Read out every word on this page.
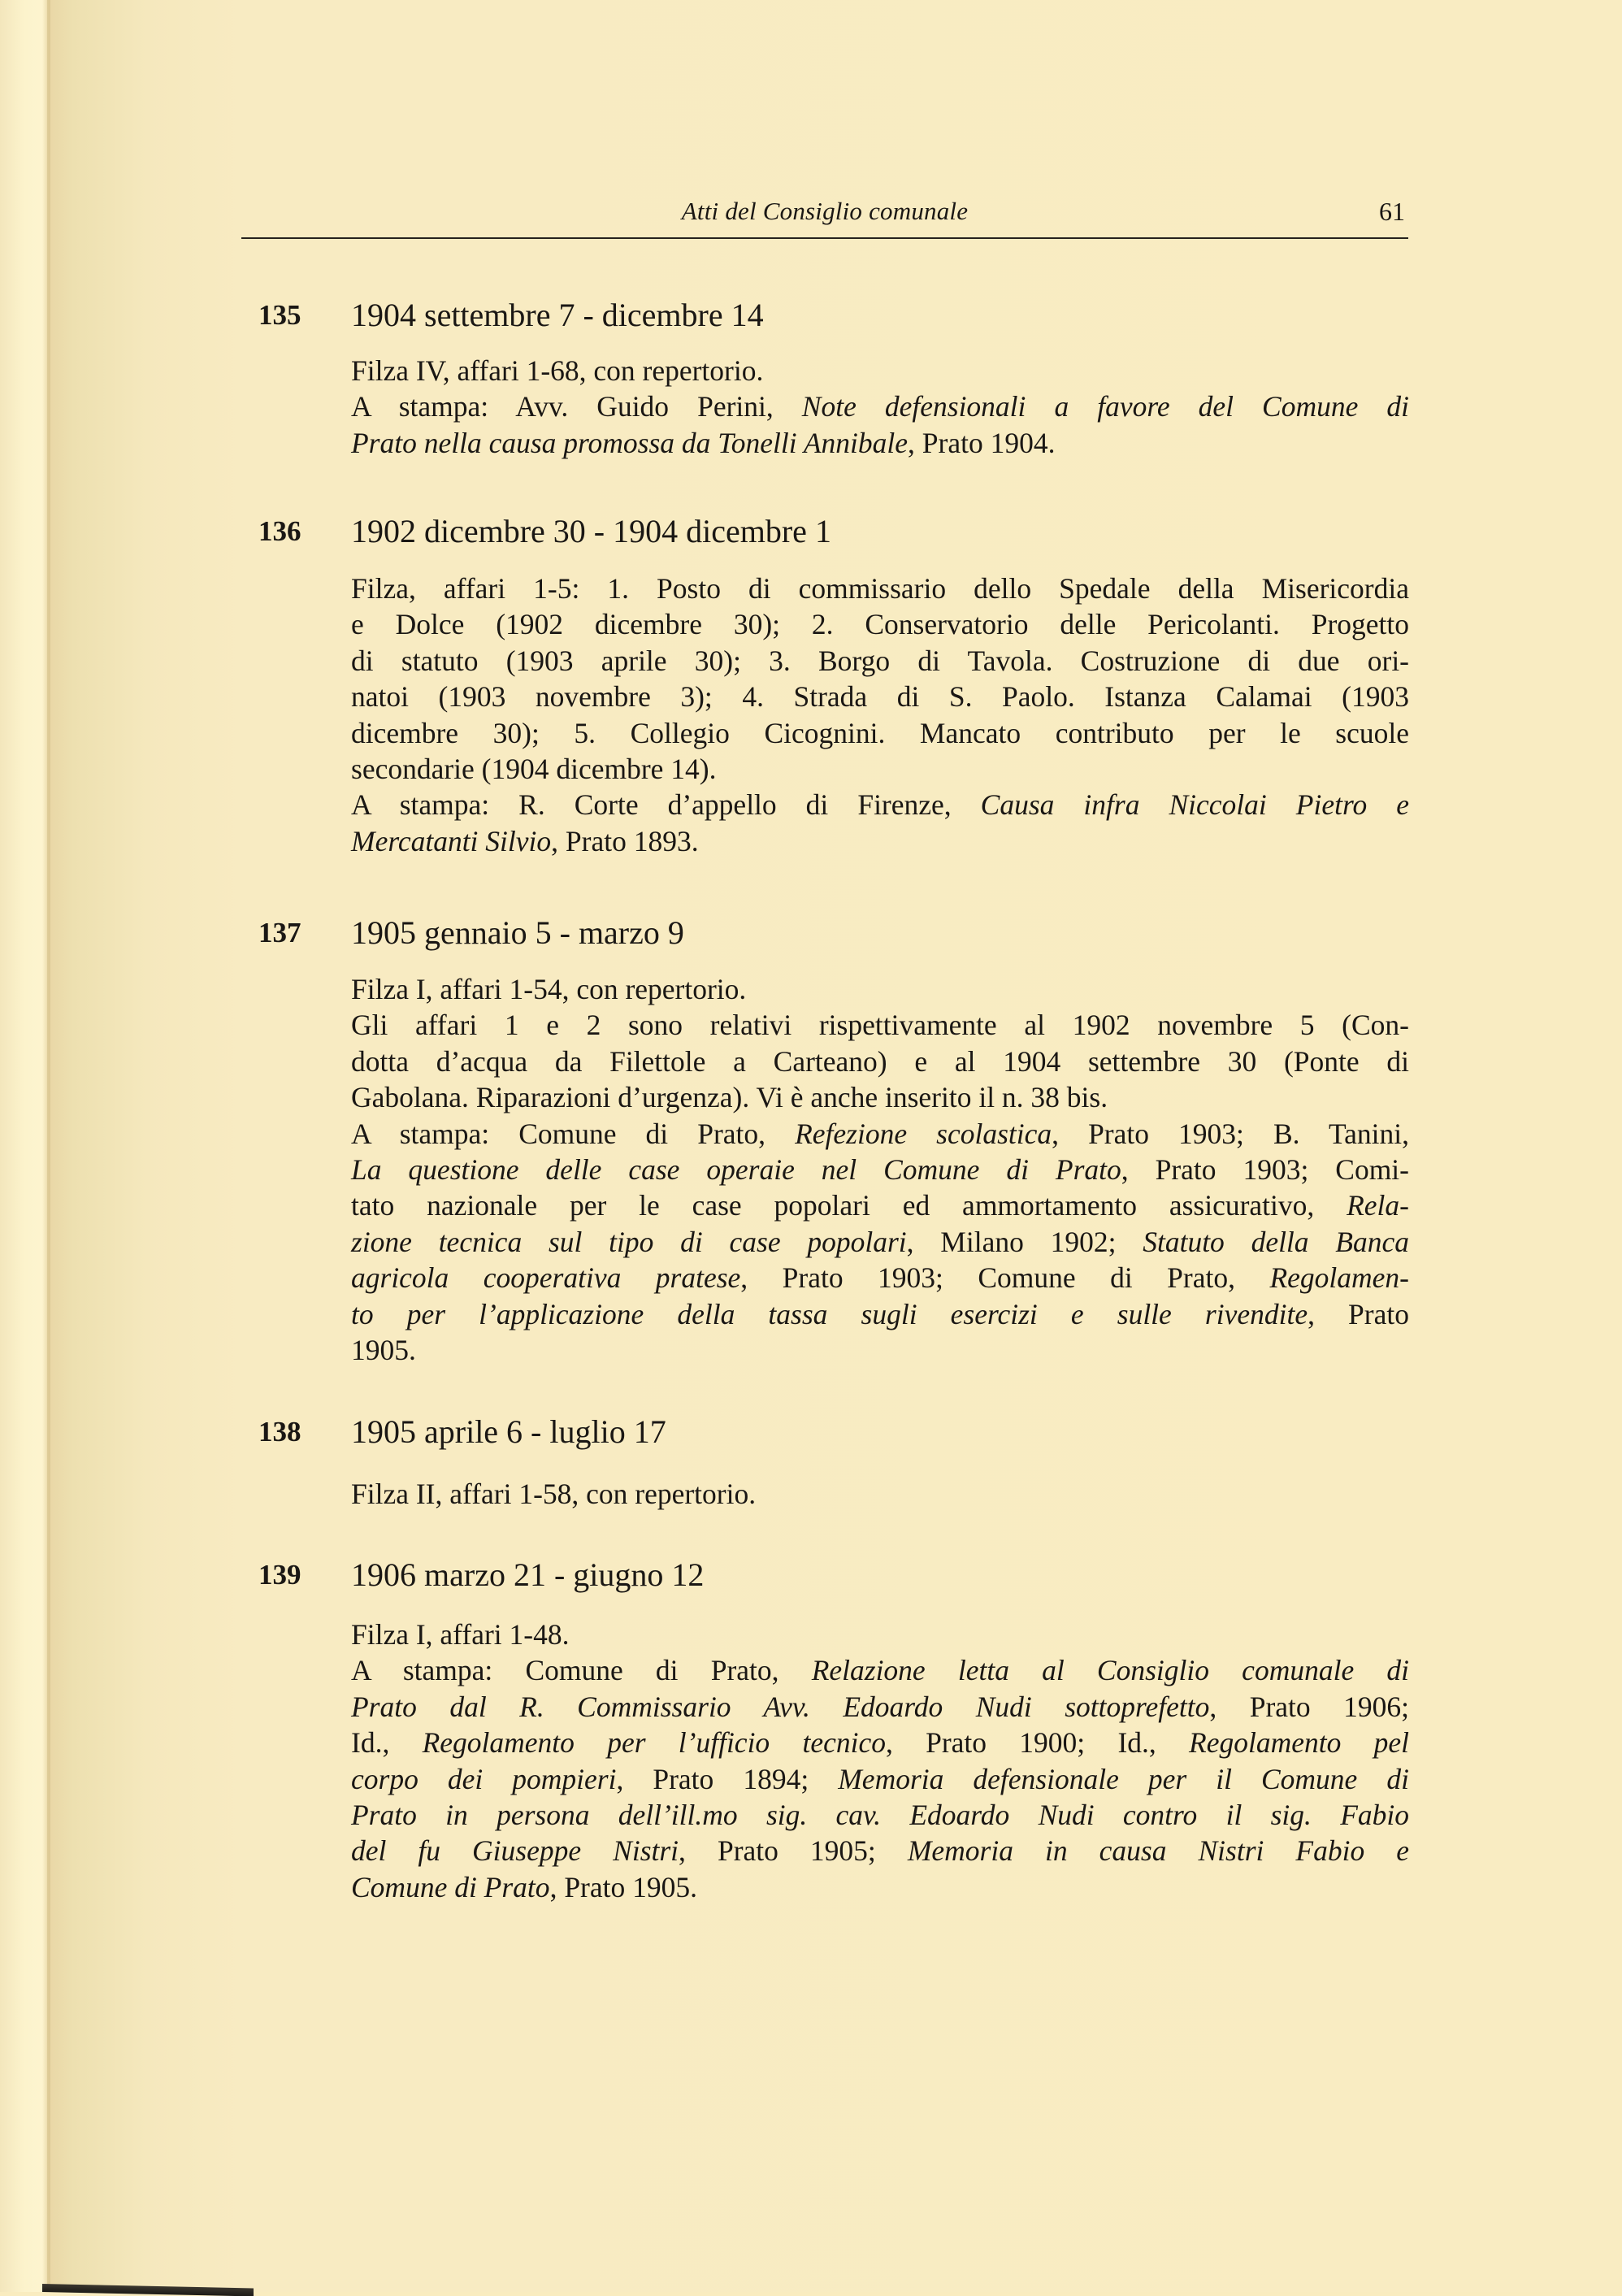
Atti del Consiglio comunale	61
135 1904 settembre 7 - dicembre 14
Filza IV, affari 1-68, con repertorio.
A stampa: Avv. Guido Perini, Note defensionali a favore del Comune di
Prato nella causa promossa da Tonelli Annibale, Prato 1904.
136 1902 dicembre 30 - 1904 dicembre 1
Filza, affari 1-5: 1. Posto di commissario dello Spedale della Misericordia
e Dolce (1902 dicembre 30); 2. Conservatorio delle Pericolanti. Progetto
di statuto (1903 aprile 30); 3. Borgo di Tavola. Costruzione di due ori-
natoi (1903 novembre 3); 4. Strada di S. Paolo. Istanza Calamai (1903
dicembre 30); 5. Collegio Cicognini. Mancato contributo per le scuole
secondarie (1904 dicembre 14).
A stampa: R. Corte d’appello di Firenze, Causa infra Niccolai Pietro e
Mercatanti Silvio, Prato 1893.
137 1905 gennaio 5 - marzo 9
Filza I, affari 1-54, con repertorio.
Gli affari 1 e 2 sono relativi rispettivamente al 1902 novembre 5 (Con-
dotta d’acqua da Filettole a Carteano) e al 1904 settembre 30 (Ponte di
Gabolana. Riparazioni d’urgenza). Vi è anche inserito il n. 38 bis.
A stampa: Comune di Prato, Refezione scolastica, Prato 1903; B. Tanini,
La questione delle case operaie nel Comune di Prato, Prato 1903; Comi-
tato nazionale per le case popolari ed ammortamento assicurativo, Rela-
zione tecnica sul tipo di case popolari, Milano 1902; Statuto della Banca
agricola cooperativa pratese, Prato 1903; Comune di Prato, Regolamen-
to per l’applicazione della tassa sugli esercizi e sulle rivendite, Prato
1905.
138 1905 aprile 6 - luglio 17
Filza II, affari 1-58, con repertorio.
139 1906 marzo 21 - giugno 12
Filza I, affari 1-48.
A stampa: Comune di Prato, Relazione letta al Consiglio comunale di
Prato dal R. Commissario Avv. Edoardo Nudi sottoprefetto, Prato 1906;
Id., Regolamento per l’ufficio tecnico, Prato 1900; Id., Regolamento pel
corpo dei pompieri, Prato 1894; Memoria defensionale per il Comune di
Prato in persona dell’ill.mo sig. cav. Edoardo Nudi contro il sig. Fabio
del fu Giuseppe Nistri, Prato 1905; Memoria in causa Nistri Fabio e
Comune di Prato, Prato 1905.
